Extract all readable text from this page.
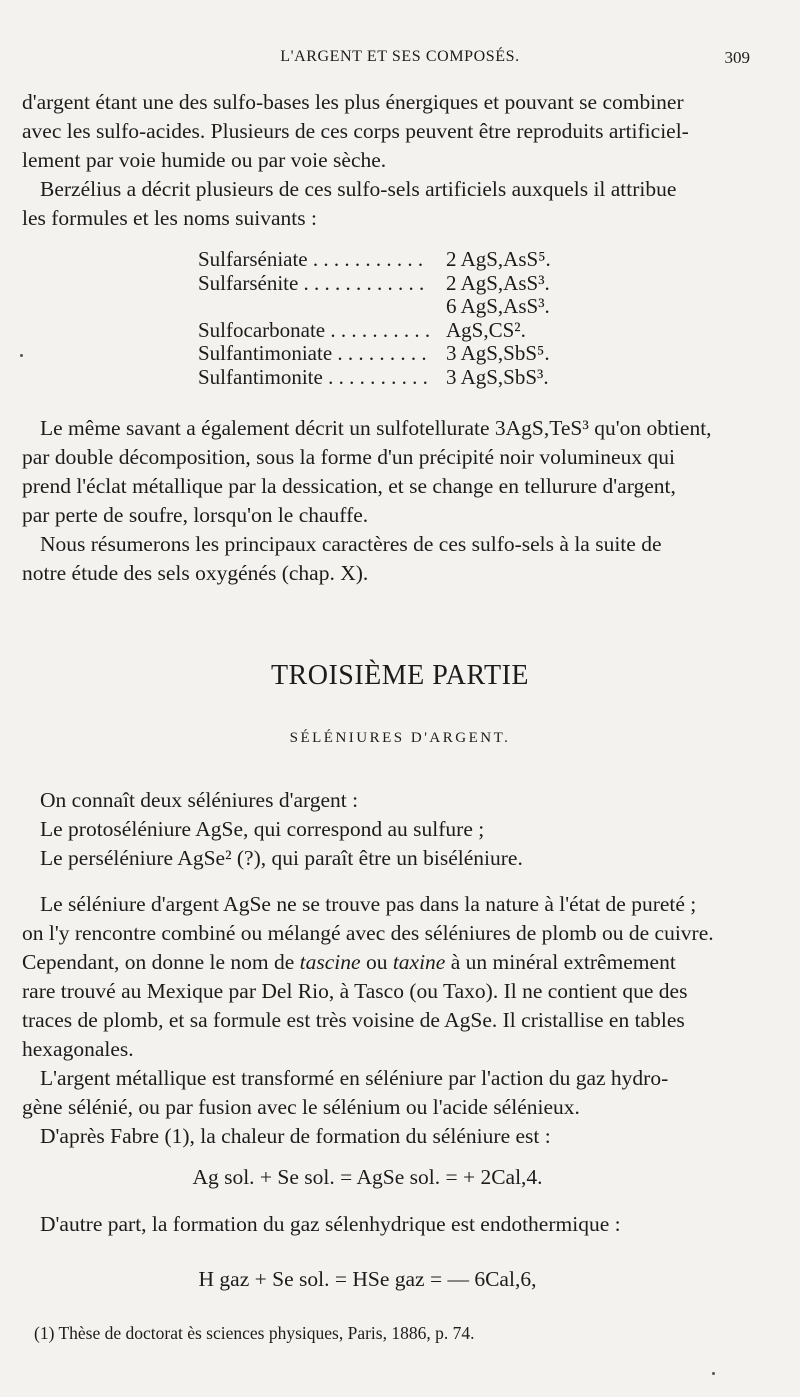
L'ARGENT ET SES COMPOSÉS.	309

d'argent étant une des sulfo-bases les plus énergiques et pouvant se combiner

avec les sulfo-acides. Plusieurs de ces corps peuvent être reproduits artificiel-

lement par voie humide ou par voie sèche.

Berzélius a décrit plusieurs de ces sulfo-sels artificiels auxquels il attribue

les formules et les noms suivants :

Sulfarséniate . . . . . . . . . . .	2 AgS,AsS⁵.
Sulfarsénite . . . . . . . . . . . .	2 AgS,AsS³.
6 AgS,AsS³.
Sulfocarbonate . . . . . . . . . . AgS,CS².
Sulfantimoniate . . . . . . . . . 3 AgS,SbS⁵.
Sulfantimonite . . . . . . . . . . 3 AgS,SbS³.

Le même savant a également décrit un sulfotellurate 3AgS,TeS³ qu'on obtient,

par double décomposition, sous la forme d'un précipité noir volumineux qui

prend l'éclat métallique par la dessication, et se change en tellurure d'argent,

par perte de soufre, lorsqu'on le chauffe.

Nous résumerons les principaux caractères de ces sulfo-sels à la suite de

notre étude des sels oxygénés (chap. X).

TROISIÈME PARTIE
SÉLÉNIURES D'ARGENT.

On connaît deux séléniures d'argent :

Le protoséléniure AgSe, qui correspond au sulfure ;

Le perséléniure AgSe² (?), qui paraît être un biséléniure.

Le séléniure d'argent AgSe ne se trouve pas dans la nature à l'état de pureté ;

on l'y rencontre combiné ou mélangé avec des séléniures de plomb ou de cuivre.

Cependant, on donne le nom de tascine ou taxine à un minéral extrêmement

rare trouvé au Mexique par Del Rio, à Tasco (ou Taxo). Il ne contient que des

traces de plomb, et sa formule est très voisine de AgSe. Il cristallise en tables

hexagonales.

L'argent métallique est transformé en séléniure par l'action du gaz hydro-

gène sélénié, ou par fusion avec le sélénium ou l'acide sélénieux.

D'après Fabre (1), la chaleur de formation du séléniure est :

Ag sol. + Se sol. = AgSe sol. = + 2Cal,4.

D'autre part, la formation du gaz sélenhydrique est endothermique :

H gaz + Se sol. = HSe gaz = — 6Cal,6,
(1) Thèse de doctorat ès sciences physiques, Paris, 1886, p. 74.
